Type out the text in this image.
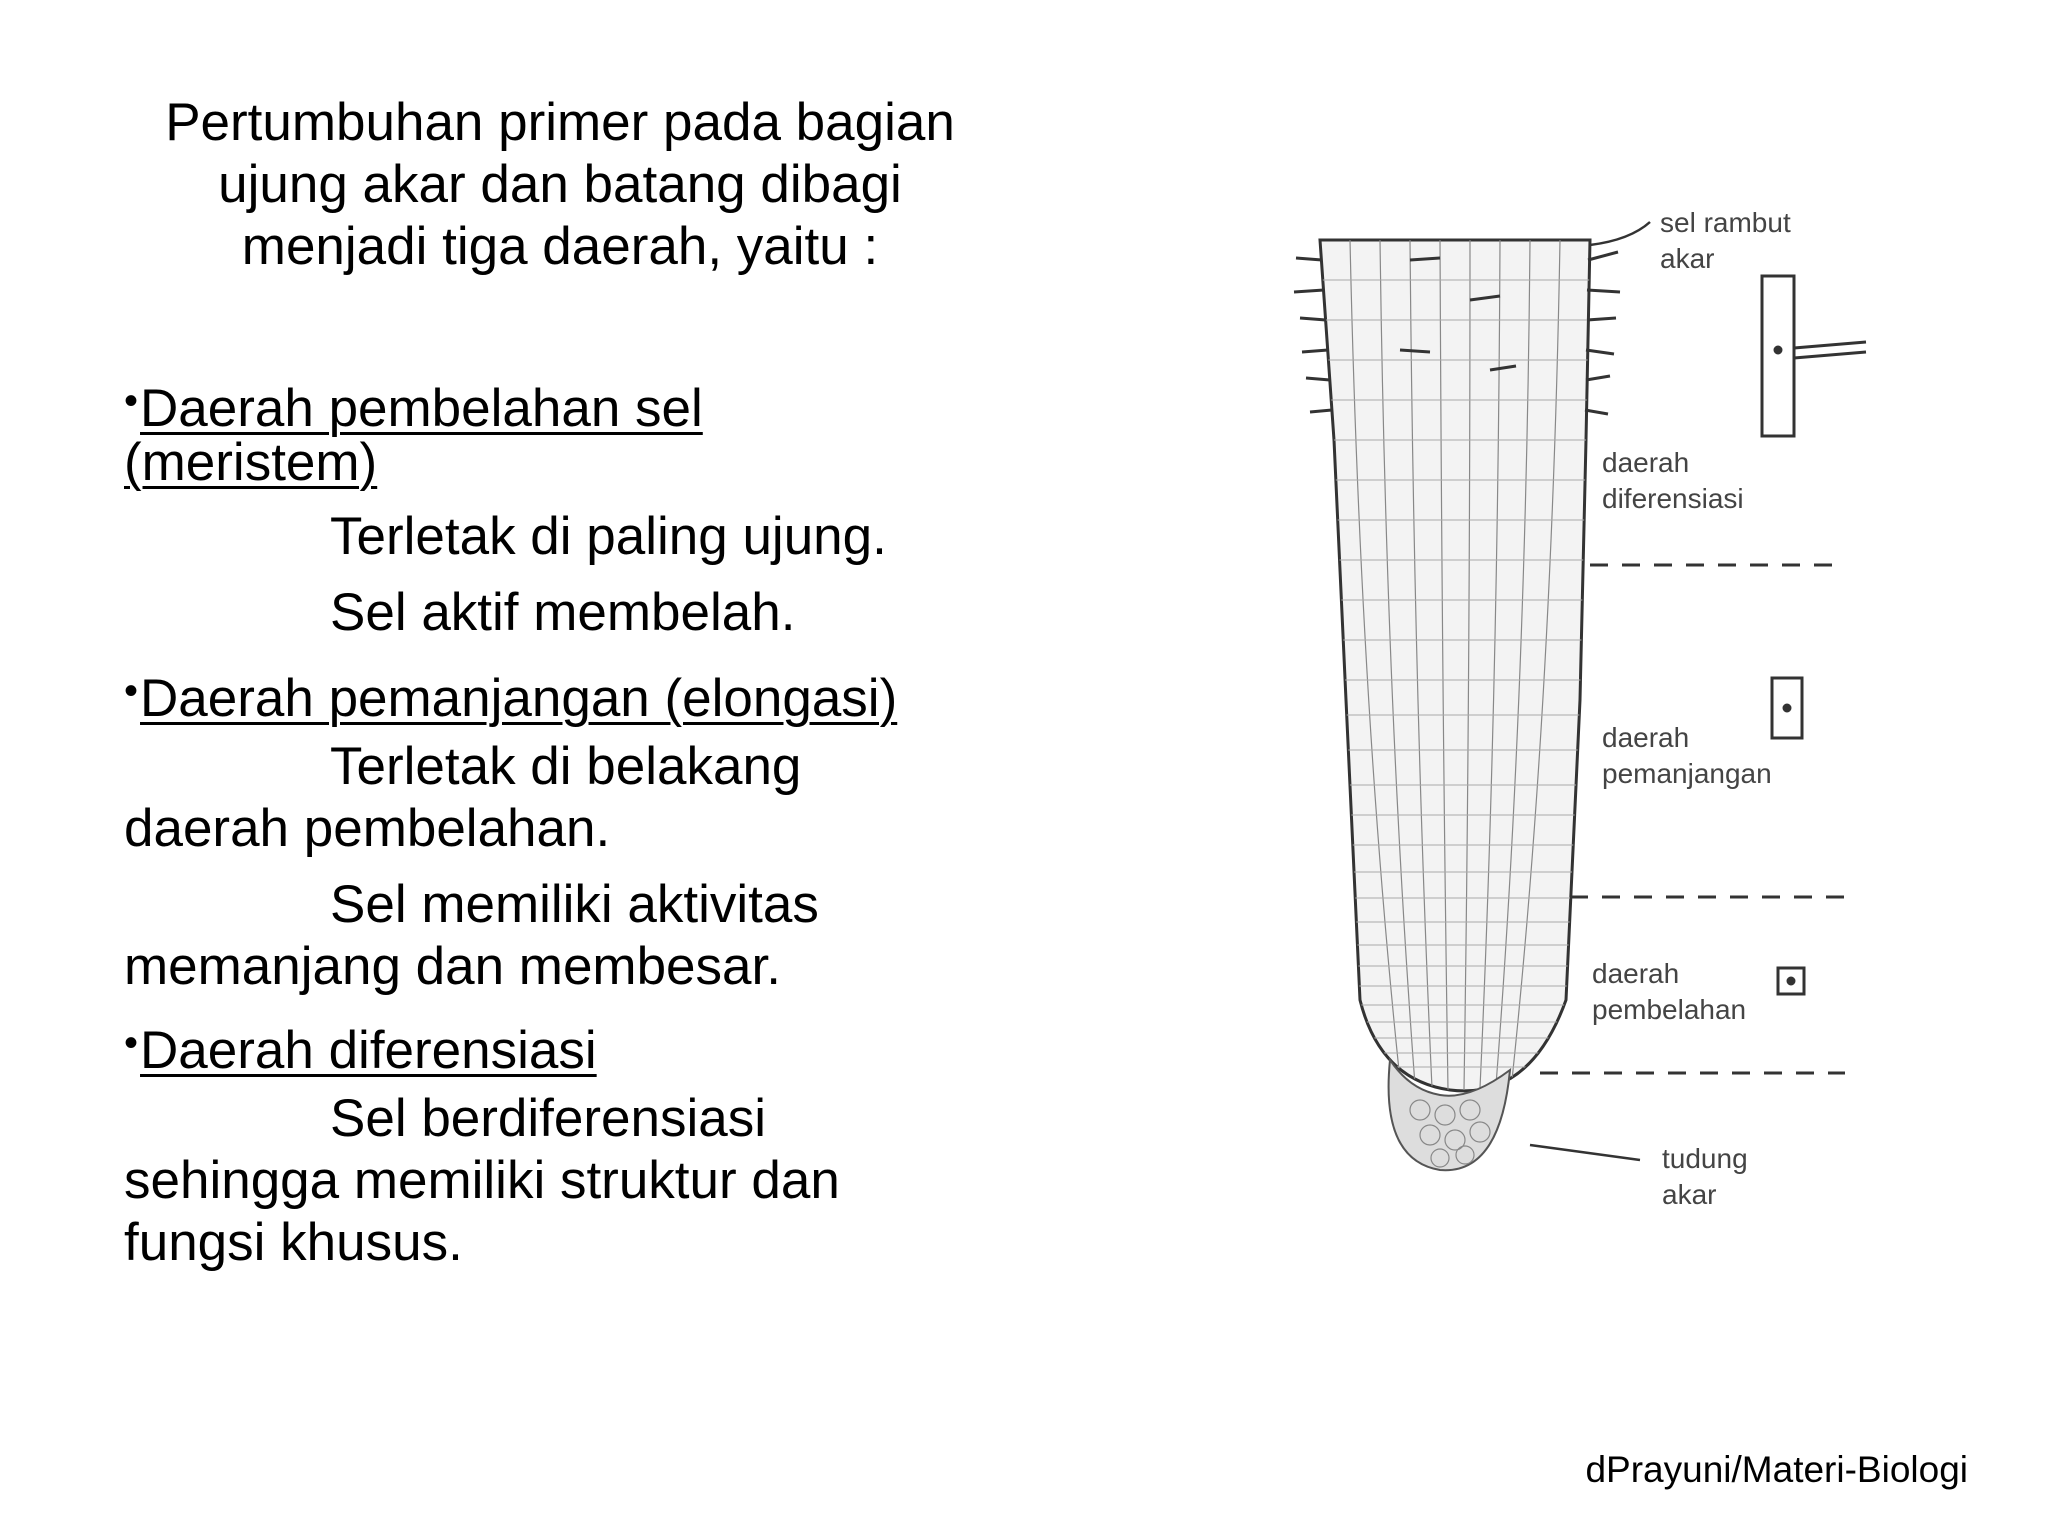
Pertumbuhan primer pada bagian
ujung akar dan batang dibagi
menjadi tiga daerah, yaitu :
•Daerah pembelahan sel
(meristem)
Terletak di paling ujung.
Sel aktif membelah.
•Daerah pemanjangan (elongasi)
Terletak di belakang
daerah pembelahan.
Sel memiliki aktivitas
memanjang dan membesar.
•Daerah diferensiasi
Sel berdiferensiasi
sehingga memiliki struktur dan
fungsi khusus.
sel rambut
akar
daerah
diferensiasi
daerah
pemanjangan
daerah
pembelahan
tudung
akar
dPrayuni/Materi-Biologi
